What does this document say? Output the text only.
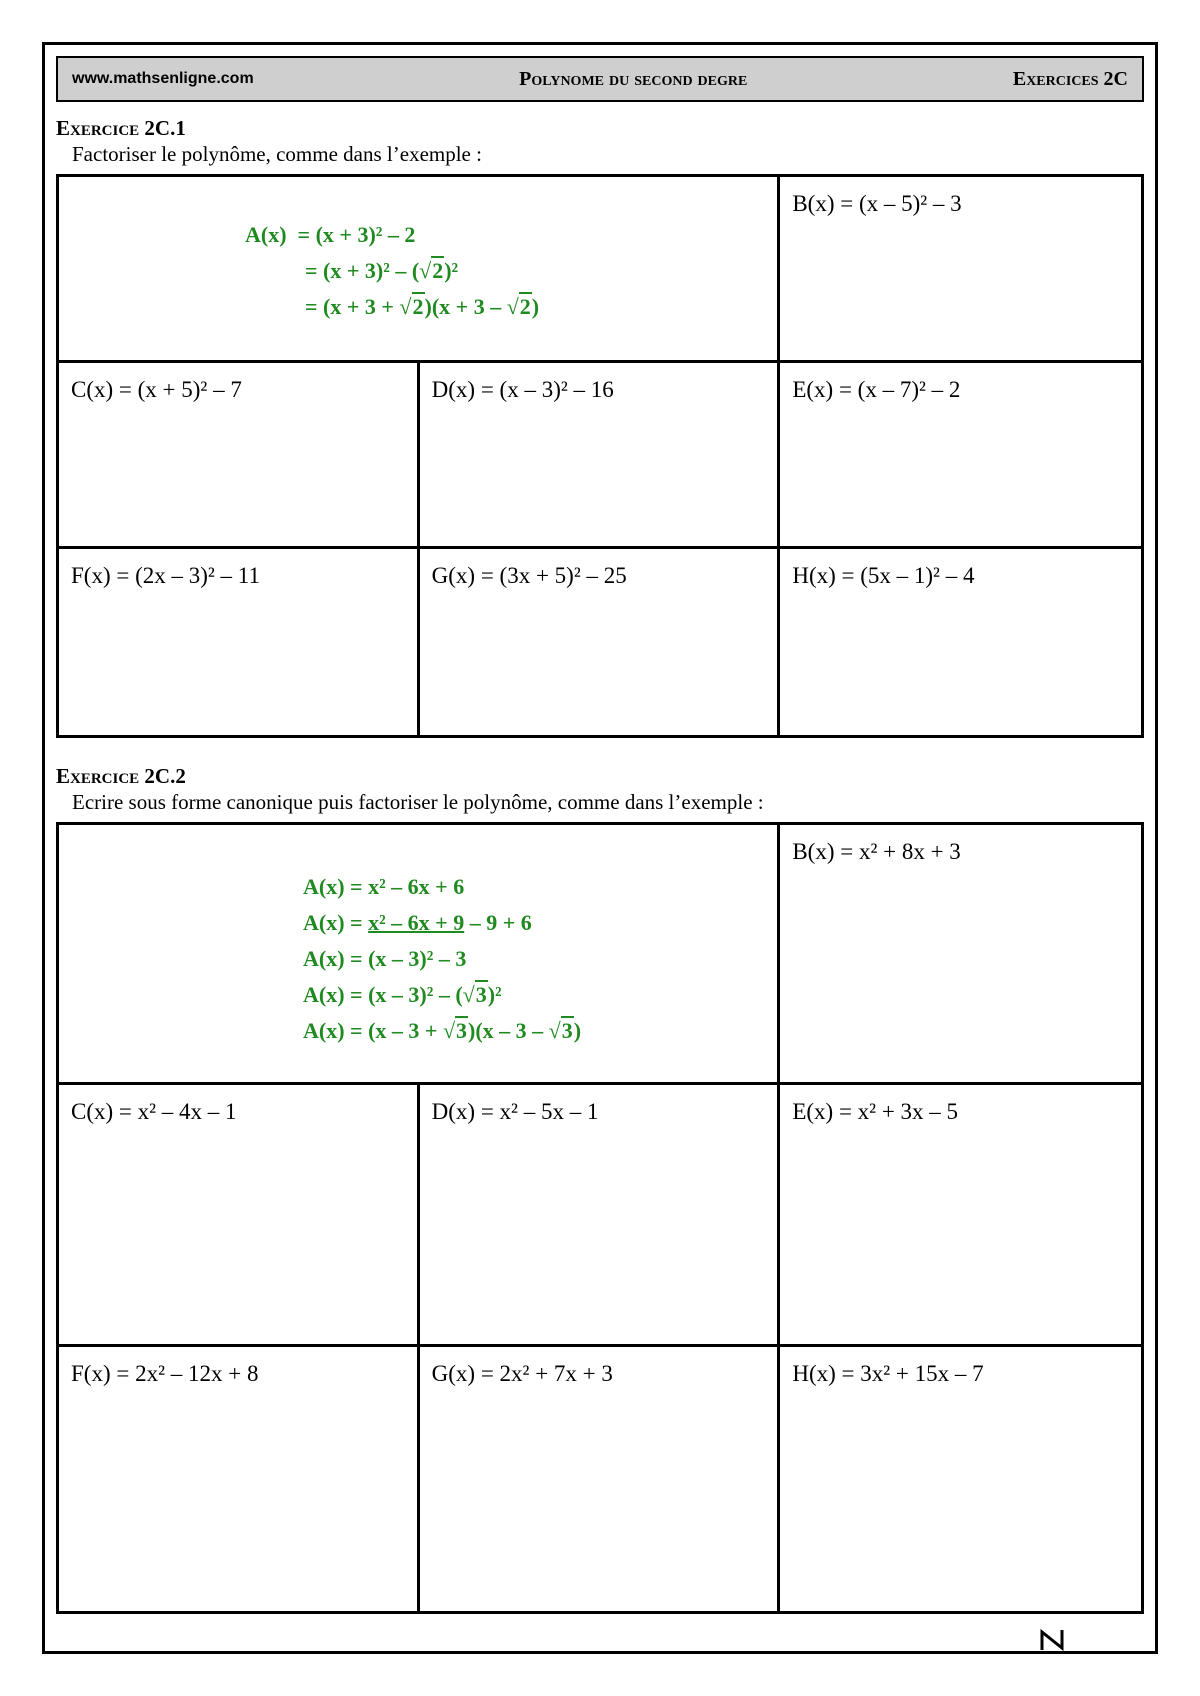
www.mathsenligne.com	Polynome du second degre	Exercices 2C
Exercice 2C.1
Factoriser le polynôme, comme dans l’exemple :
A(x) = (x + 3)² – 2
= (x + 3)² – (√2)²
= (x + 3 + √2)(x + 3 – √2)
B(x) = (x – 5)² – 3
C(x) = (x + 5)² – 7	D(x) = (x – 3)² – 16	E(x) = (x – 7)² – 2
F(x) = (2x – 3)² – 11	G(x) = (3x + 5)² – 25	H(x) = (5x – 1)² – 4
Exercice 2C.2
Ecrire sous forme canonique puis factoriser le polynôme, comme dans l’exemple :
A(x) = x² – 6x + 6
A(x) = x² – 6x + 9 – 9 + 6
A(x) = (x – 3)² – 3
A(x) = (x – 3)² – (√3)²
A(x) = (x – 3 + √3)(x – 3 – √3)
B(x) = x² + 8x + 3
C(x) = x² – 4x – 1	D(x) = x² – 5x – 1	E(x) = x² + 3x – 5
F(x) = 2x² – 12x + 8	G(x) = 2x² + 7x + 3	H(x) = 3x² + 15x – 7
